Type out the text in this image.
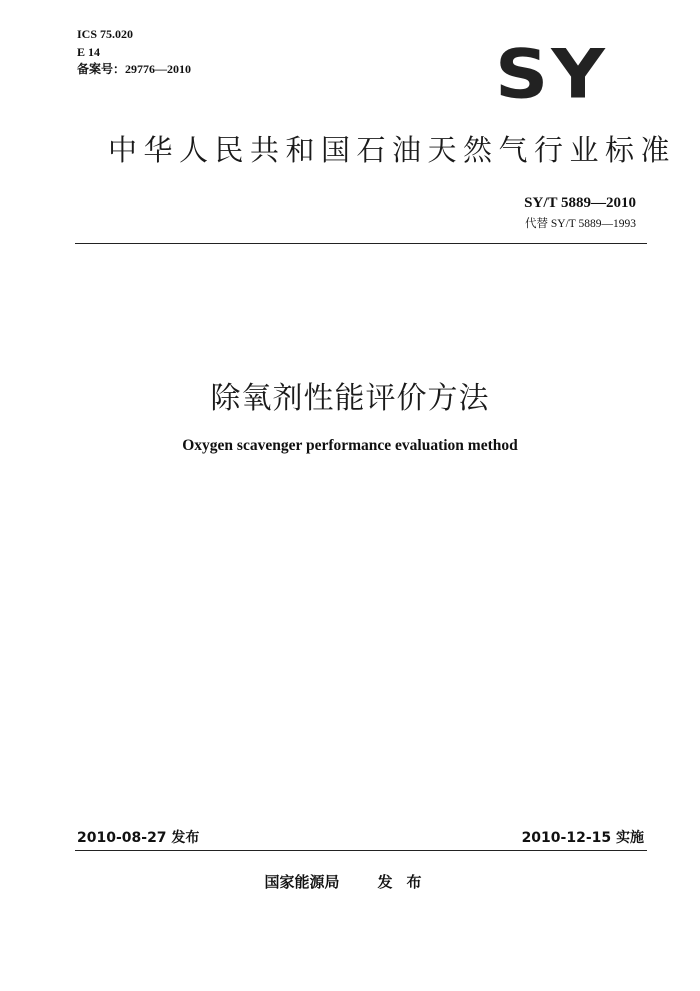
ICS 75.020
E 14
备案号：29776—2010	SY
中华人民共和国石油天然气行业标准
SY/T 5889—2010
代替 SY/T 5889—1993
除氧剂性能评价方法
Oxygen scavenger performance evaluation method
2010-08-27 发布	2010-12-15 实施
国家能源局	发布
